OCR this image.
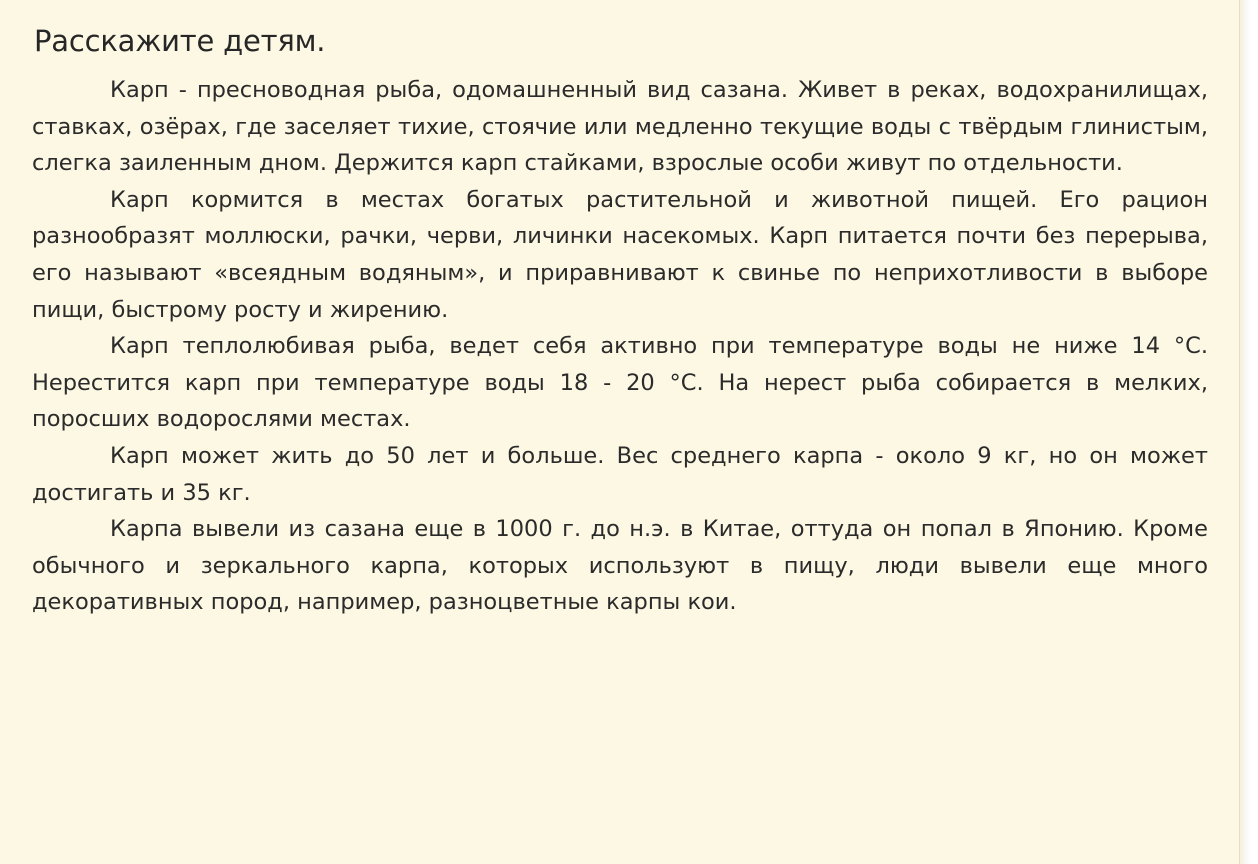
Расскажите детям.

Карп - пресноводная рыба, одомашненный вид сазана. Живет в реках, водохранилищах, ставках, озёрах, где заселяет тихие, стоячие или медленно текущие воды с твёрдым глинистым, слегка заиленным дном. Держится карп стайками, взрослые особи живут по отдельности.

Карп кормится в местах богатых растительной и животной пищей. Его рацион разнообразят моллюски, рачки, черви, личинки насекомых. Карп питается почти без перерыва, его называют «всеядным водяным», и приравнивают к свинье по неприхотливости в выборе пищи, быстрому росту и жирению.

Карп теплолюбивая рыба, ведет себя активно при температуре воды не ниже 14 °С. Нерестится карп при температуре воды 18 - 20 °С. На нерест рыба собирается в мелких, поросших водорослями местах.

Карп может жить до 50 лет и больше. Вес среднего карпа - около 9 кг, но он может достигать и 35 кг.

Карпа вывели из сазана еще в 1000 г. до н.э. в Китае, оттуда он попал в Японию. Кроме обычного и зеркального карпа, которых используют в пищу, люди вывели еще много декоративных пород, например, разноцветные карпы кои.
